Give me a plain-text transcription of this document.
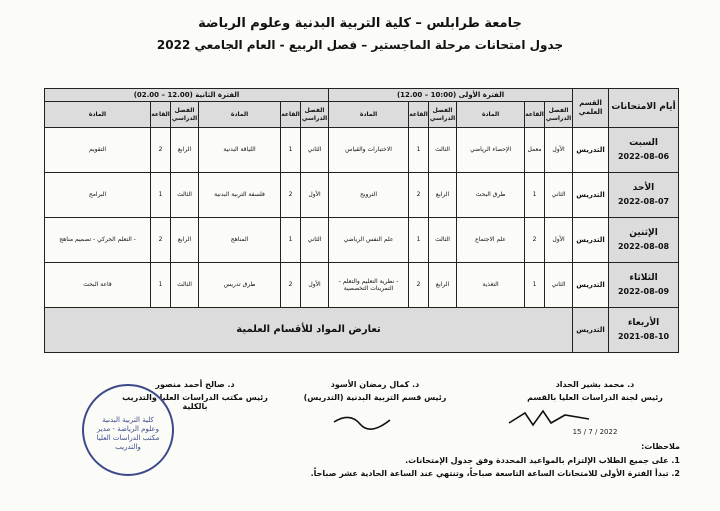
جامعة طرابلس – كلية التربية البدنية وعلوم الرياضة
جدول امتحانات مرحلة الماجستير – فصل الربيع - العام الجامعي 2022
أيام الامتحانات	القسم العلمي	الفترة الأولى (10:00 – 12.00)						الفترة الثانية (12.00 – 02.00)					
		الفصل الدراسي	القاعة	المادة	الفصل الدراسي	القاعة	المادة	الفصل الدراسي	القاعة	المادة	الفصل الدراسي	القاعة	المادة
السبت
2022-08-06	التدريس	الأول	معمل	الإحصاء الرياضي	الثالث	1	الاختبارات والقياس	الثاني	1	اللياقة البدنية	الرابع	2	التقويم
الأحد
2022-08-07	التدريس	الثاني	1	طرق البحث	الرابع	2	الترويح	الأول	2	فلسفة التربية البدنية	الثالث	1	البرامج
الإثنين
2022-08-08	التدريس	الأول	2	علم الاجتماع	الثالث	1	علم النفس الرياضي	الثاني	1	المناهج	الرابع	2	- التعلم الحركي - تصميم مناهج
الثلاثاء
2022-08-09	التدريس	الثاني	1	التغذية	الرابع	2	- نظرية التعليم والتعلم - التمرينات التخصصية	الأول	2	طرق تدريس	الثالث	1	قاعة البحث
الأربعاء
2021-08-10	التدريس	تعارض المواد للأقسام العلمية											
د. محمد بشير الحداد
رئيس لجنة الدراسات العليا بالقسم
2022 / 7 / 15
د. كمال رمضان الأسود
رئيس قسم التربية البدنية (التدريس)
د. صالح أحمد منصور
رئيس مكتب الدراسات العليا والتدريب بالكلية
كلية التربية البدنية وعلوم الرياضة - مدير مكتب الدراسات العليا والتدريب	ملاحظات:
1. على جميع الطلاب الإلتزام بالمواعيد المحددة وفق جدول الإمتحانات.
2. تبدأ الفترة الأولى للامتحانات الساعة التاسعة صباحاً، وتنتهي عند الساعة الحادية عشر صباحاً.
